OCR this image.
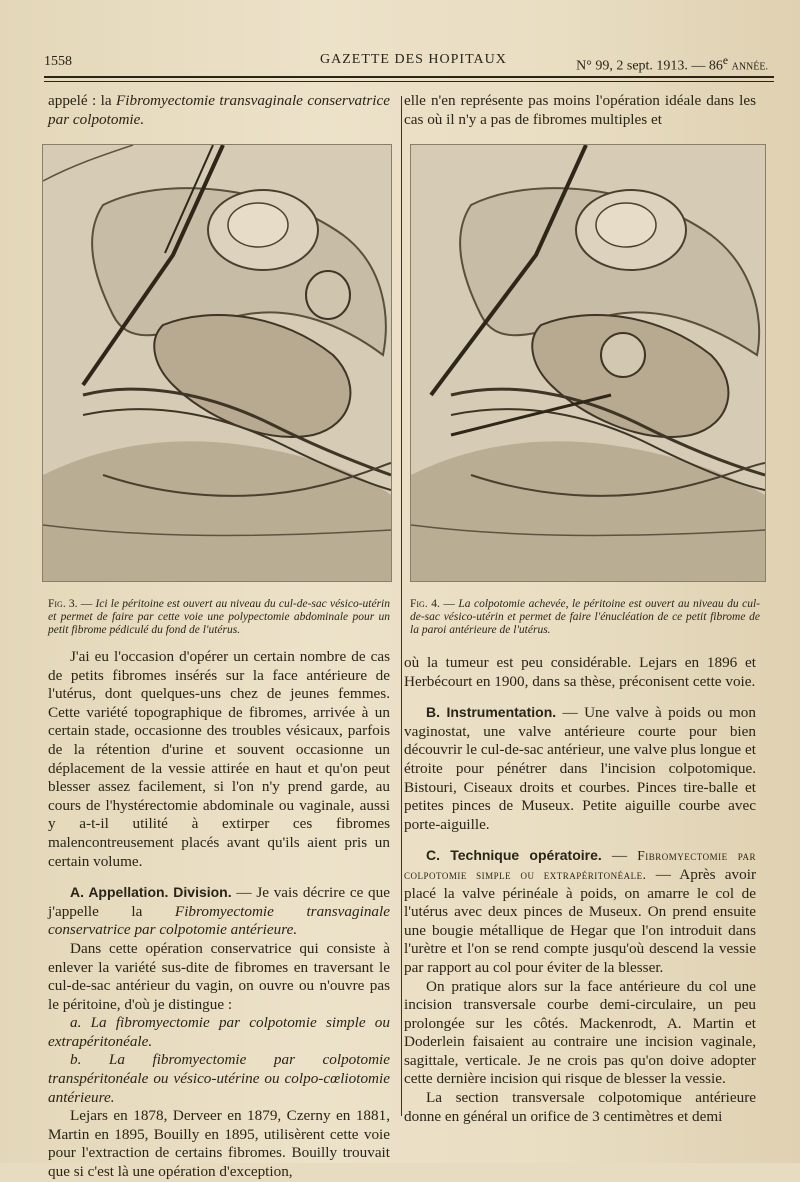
1558	GAZETTE DES HOPITAUX	N° 99, 2 sept. 1913. — 86e ANNÉE.

appelé : la Fibromyectomie transvaginale conservatrice par colpotomie.

elle n'en représente pas moins l'opération idéale dans les cas où il n'y a pas de fibromes multiples et

Fig. 3. — Ici le péritoine est ouvert au niveau du cul-de-sac vésico-utérin et permet de faire par cette voie une polypectomie abdominale pour un petit fibrome pédiculé du fond de l'utérus.
Fig. 4. — La colpotomie achevée, le péritoine est ouvert au niveau du cul-de-sac vésico-utérin et permet de faire l'énucléation de ce petit fibrome de la paroi antérieure de l'utérus.

J'ai eu l'occasion d'opérer un certain nombre de cas de petits fibromes insérés sur la face antérieure de l'utérus, dont quelques-uns chez de jeunes femmes. Cette variété topographique de fibromes, arrivée à un certain stade, occasionne des troubles vésicaux, parfois de la rétention d'urine et souvent occasionne un déplacement de la vessie attirée en haut et qu'on peut blesser assez facilement, si l'on n'y prend garde, au cours de l'hystérectomie abdominale ou vaginale, aussi y a-t-il utilité à extirper ces fibromes malencontreusement placés avant qu'ils aient pris un certain volume.

A. Appellation. Division. — Je vais décrire ce que j'appelle la Fibromyectomie transvaginale conservatrice par colpotomie antérieure.

Dans cette opération conservatrice qui consiste à enlever la variété sus-dite de fibromes en traversant le cul-de-sac antérieur du vagin, on ouvre ou n'ouvre pas le péritoine, d'où je distingue :

a. La fibromyectomie par colpotomie simple ou extrapéritonéale.

b. La fibromyectomie par colpotomie transpéritonéale ou vésico-utérine ou colpo-cœliotomie antérieure.

Lejars en 1878, Derveer en 1879, Czerny en 1881, Martin en 1895, Bouilly en 1895, utilisèrent cette voie pour l'extraction de certains fibromes. Bouilly trouvait que si c'est là une opération d'exception,

où la tumeur est peu considérable. Lejars en 1896 et Herbécourt en 1900, dans sa thèse, préconisent cette voie.

B. Instrumentation. — Une valve à poids ou mon vaginostat, une valve antérieure courte pour bien découvrir le cul-de-sac antérieur, une valve plus longue et étroite pour pénétrer dans l'incision colpotomique. Bistouri, Ciseaux droits et courbes. Pinces tire-balle et petites pinces de Museux. Petite aiguille courbe avec porte-aiguille.

C. Technique opératoire. — Fibromyectomie par colpotomie simple ou extrapéritonéale. — Après avoir placé la valve périnéale à poids, on amarre le col de l'utérus avec deux pinces de Museux. On prend ensuite une bougie métallique de Hegar que l'on introduit dans l'urètre et l'on se rend compte jusqu'où descend la vessie par rapport au col pour éviter de la blesser.

On pratique alors sur la face antérieure du col une incision transversale courbe demi-circulaire, un peu prolongée sur les côtés. Mackenrodt, A. Martin et Doderlein faisaient au contraire une incision vaginale, sagittale, verticale. Je ne crois pas qu'on doive adopter cette dernière incision qui risque de blesser la vessie.

La section transversale colpotomique antérieure donne en général un orifice de 3 centimètres et demi
